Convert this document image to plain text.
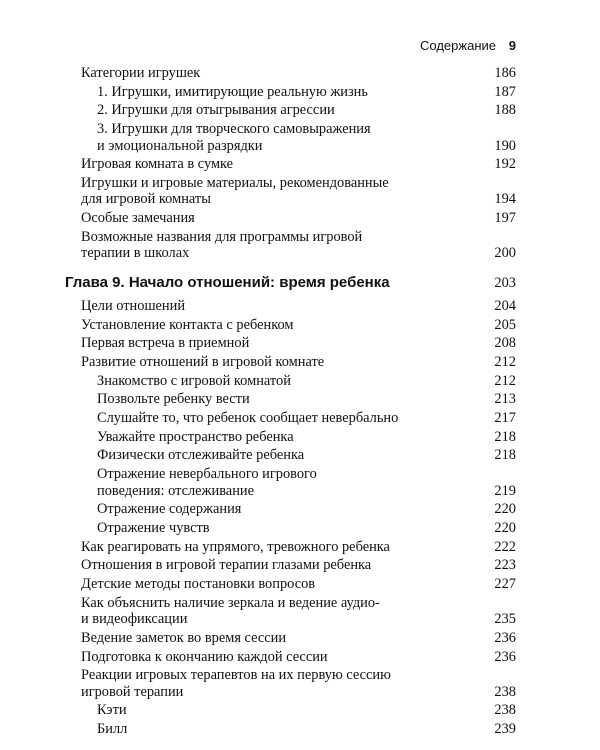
Содержание 9
Категории игрушек	186
1. Игрушки, имитирующие реальную жизнь	187
2. Игрушки для отыгрывания агрессии	188
3. Игрушки для творческого самовыражения
и эмоциональной разрядки	190
Игровая комната в сумке	192
Игрушки и игровые материалы, рекомендованные
для игровой комнаты	194
Особые замечания	197
Возможные названия для программы игровой
терапии в школах	200
Глава 9. Начало отношений: время ребенка	203
Цели отношений	204
Установление контакта с ребенком	205
Первая встреча в приемной	208
Развитие отношений в игровой комнате	212
Знакомство с игровой комнатой	212
Позвольте ребенку вести	213
Слушайте то, что ребенок сообщает невербально	217
Уважайте пространство ребенка	218
Физически отслеживайте ребенка	218
Отражение невербального игрового
поведения: отслеживание	219
Отражение содержания	220
Отражение чувств	220
Как реагировать на упрямого, тревожного ребенка	222
Отношения в игровой терапии глазами ребенка	223
Детские методы постановки вопросов	227
Как объяснить наличие зеркала и ведение аудио-
и видеофиксации	235
Ведение заметок во время сессии	236
Подготовка к окончанию каждой сессии	236
Реакции игровых терапевтов на их первую сессию
игровой терапии	238
Кэти	238
Билл	239
